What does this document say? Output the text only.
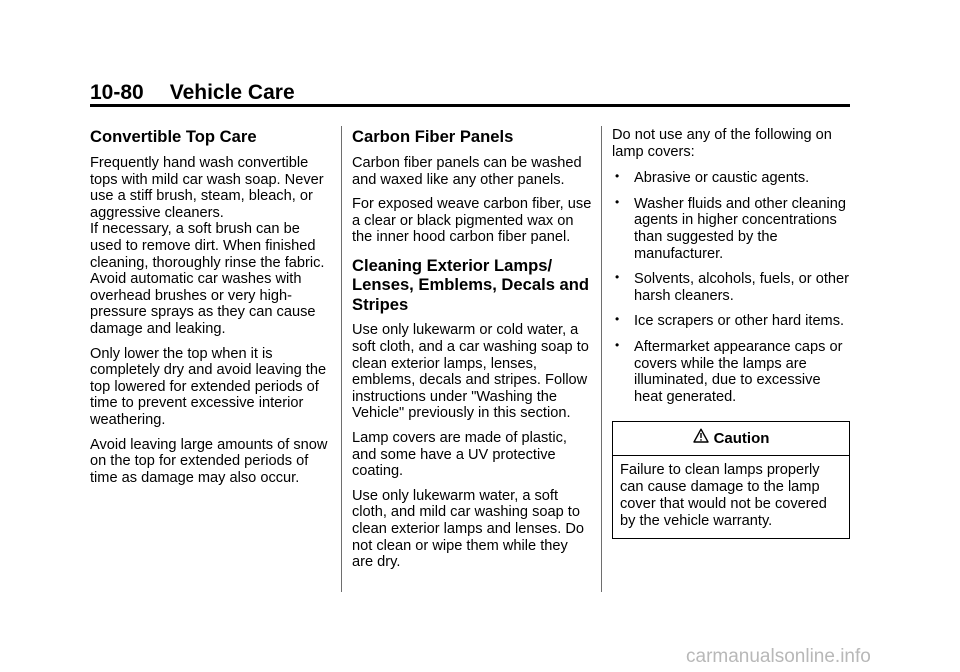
10-80 Vehicle Care
Convertible Top Care

Frequently hand wash convertible tops with mild car wash soap. Never use a stiff brush, steam, bleach, or aggressive cleaners.

If necessary, a soft brush can be used to remove dirt. When finished cleaning, thoroughly rinse the fabric. Avoid automatic car washes with overhead brushes or very high-pressure sprays as they can cause damage and leaking.

Only lower the top when it is completely dry and avoid leaving the top lowered for extended periods of time to prevent excessive interior weathering.

Avoid leaving large amounts of snow on the top for extended periods of time as damage may also occur.

Carbon Fiber Panels

Carbon fiber panels can be washed and waxed like any other panels.

For exposed weave carbon fiber, use a clear or black pigmented wax on the inner hood carbon fiber panel.

Cleaning Exterior Lamps/ Lenses, Emblems, Decals and Stripes

Use only lukewarm or cold water, a soft cloth, and a car washing soap to clean exterior lamps, lenses, emblems, decals and stripes. Follow instructions under "Washing the Vehicle" previously in this section.

Lamp covers are made of plastic, and some have a UV protective coating.

Use only lukewarm water, a soft cloth, and mild car washing soap to clean exterior lamps and lenses. Do not clean or wipe them while they are dry.

Do not use any of the following on lamp covers:

• Abrasive or caustic agents.
• Washer fluids and other cleaning agents in higher concentrations than suggested by the manufacturer.
• Solvents, alcohols, fuels, or other harsh cleaners.
• Ice scrapers or other hard items.
• Aftermarket appearance caps or covers while the lamps are illuminated, due to excessive heat generated.
Caution
Failure to clean lamps properly can cause damage to the lamp cover that would not be covered by the vehicle warranty.
carmanualsonline.info
